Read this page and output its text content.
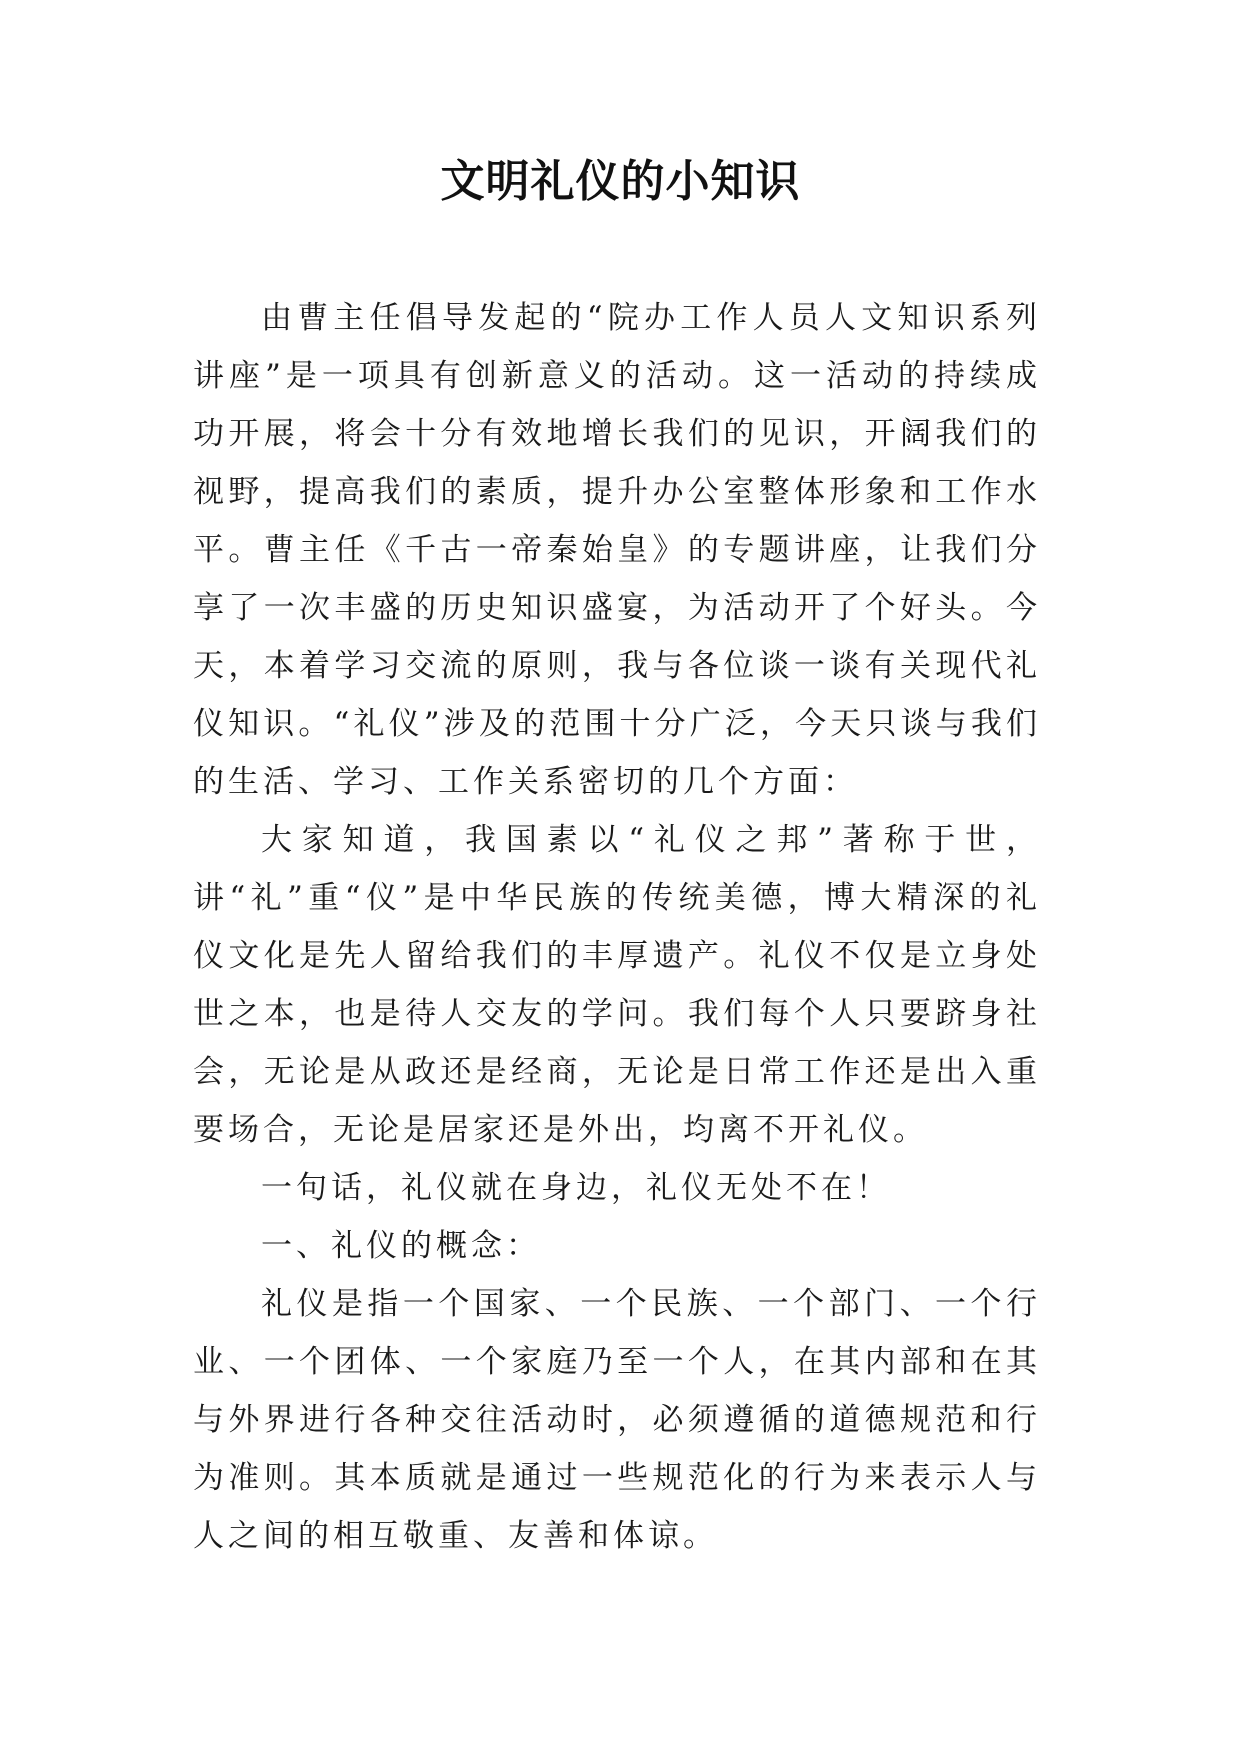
文明礼仪的小知识

由曹主任倡导发起的“院办工作人员人文知识系列讲座”是一项具有创新意义的活动。这一活动的持续成功开展，将会十分有效地增长我们的见识，开阔我们的视野，提高我们的素质，提升办公室整体形象和工作水平。曹主任《千古一帝秦始皇》的专题讲座，让我们分享了一次丰盛的历史知识盛宴，为活动开了个好头。今天，本着学习交流的原则，我与各位谈一谈有关现代礼仪知识。“礼仪”涉及的范围十分广泛，今天只谈与我们的生活、学习、工作关系密切的几个方面：

大家知道，我国素以“礼仪之邦”著称于世，讲“礼”重“仪”是中华民族的传统美德，博大精深的礼仪文化是先人留给我们的丰厚遗产。礼仪不仅是立身处世之本，也是待人交友的学问。我们每个人只要跻身社会，无论是从政还是经商，无论是日常工作还是出入重要场合，无论是居家还是外出，均离不开礼仪。

一句话，礼仪就在身边，礼仪无处不在！

一、礼仪的概念：

礼仪是指一个国家、一个民族、一个部门、一个行业、一个团体、一个家庭乃至一个人，在其内部和在其与外界进行各种交往活动时，必须遵循的道德规范和行为准则。其本质就是通过一些规范化的行为来表示人与人之间的相互敬重、友善和体谅。
